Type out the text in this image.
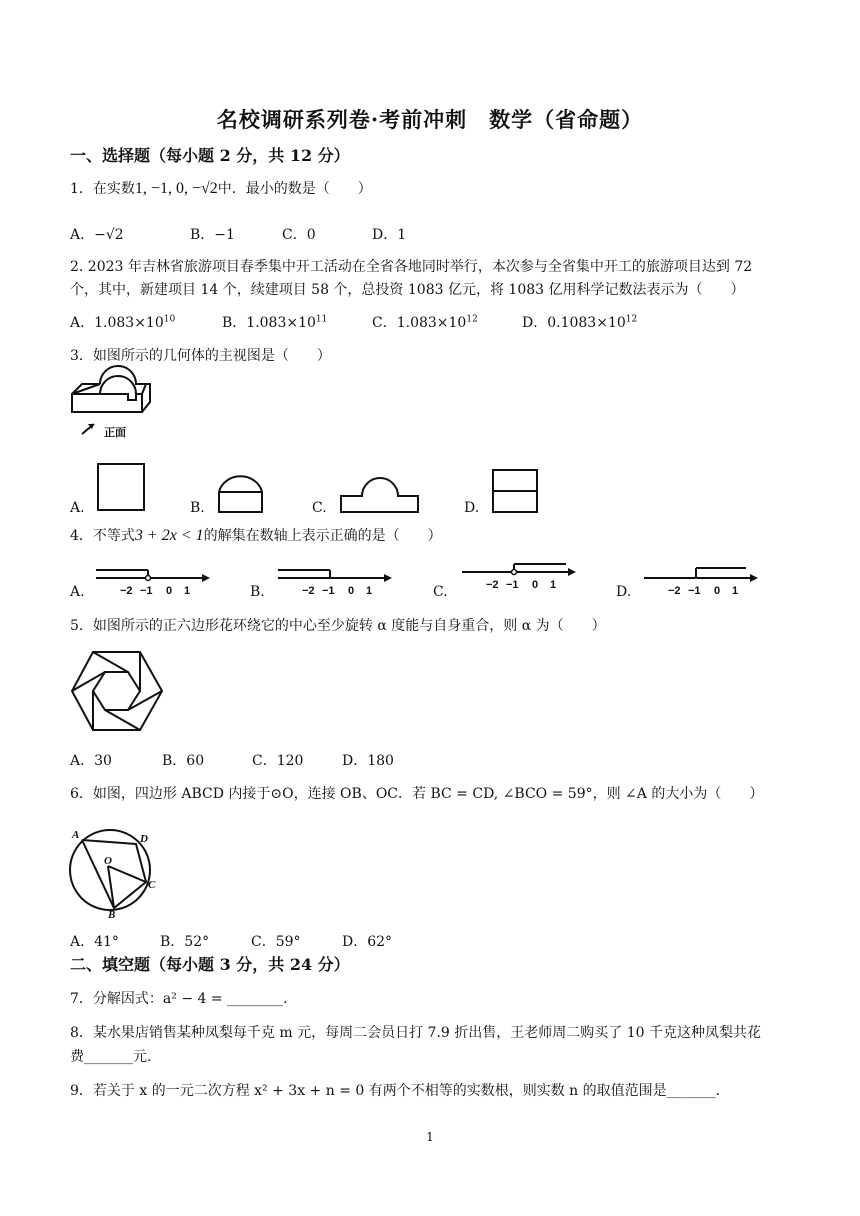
名校调研系列卷·考前冲刺　数学（省命题）
一、选择题（每小题 2 分，共 12 分）
1．在实数1, −1, 0, −√2中．最小的数是（　　）
A．−√2	B．−1	C．0	D．1
2. 2023 年吉林省旅游项目春季集中开工活动在全省各地同时举行，本次参与全省集中开工的旅游项目达到 72
个，其中，新建项目 14 个，续建项目 58 个，总投资 1083 亿元，将 1083 亿用科学记数法表示为（　　）
A．$1.083\times 10^{10}$	B．$1.083\times 10^{11}$	C．$1.083\times 10^{12}$	D．$0.1083\times 10^{12}$
3．如图所示的几何体的主视图是（　　）
正面
A.	B.	C.	D.
4．不等式3 + 2x < 1的解集在数轴上表示正确的是（　　）
A.	−2 −1 0 1	B.	−2 −1 0 1	C.	−2 −1 0 1	D.	−2 −1 0 1
5．如图所示的正六边形花环绕它的中心至少旋转 α 度能与自身重合，则 α 为（　　）
A．30	B．60	C．120	D．180
6．如图，四边形 ABCD 内接于⊙O，连接 OB、OC．若 BC = CD, ∠BCO = 59°，则 ∠A 的大小为（　　）
A	D
O
C
B
A．41°	B．52°	C．59°	D．62°
二、填空题（每小题 3 分，共 24 分）
7．分解因式：a² − 4 = ________.
8．某水果店销售某种凤梨每千克 m 元，每周二会员日打 7.9 折出售，王老师周二购买了 10 千克这种凤梨共花
费_______元.
9．若关于 x 的一元二次方程 x² + 3x + n = 0 有两个不相等的实数根，则实数 n 的取值范围是_______.
1
